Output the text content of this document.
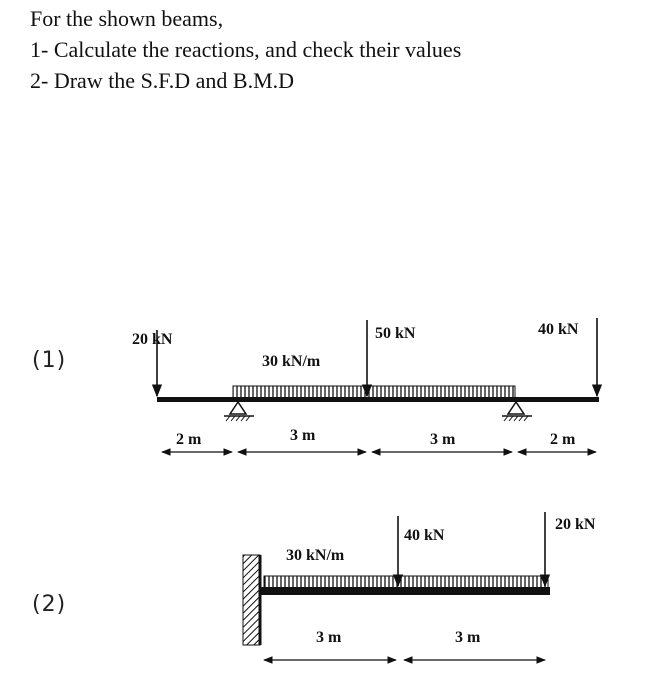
For the shown beams,
1- Calculate the reactions, and check their values
2- Draw the S.F.D and B.M.D
(1)
(2)
20 kN
30 kN/m
50 kN	40 kN
2 m	3 m	3 m	2 m
30 kN/m
40 kN
20 kN
3 m	3 m
